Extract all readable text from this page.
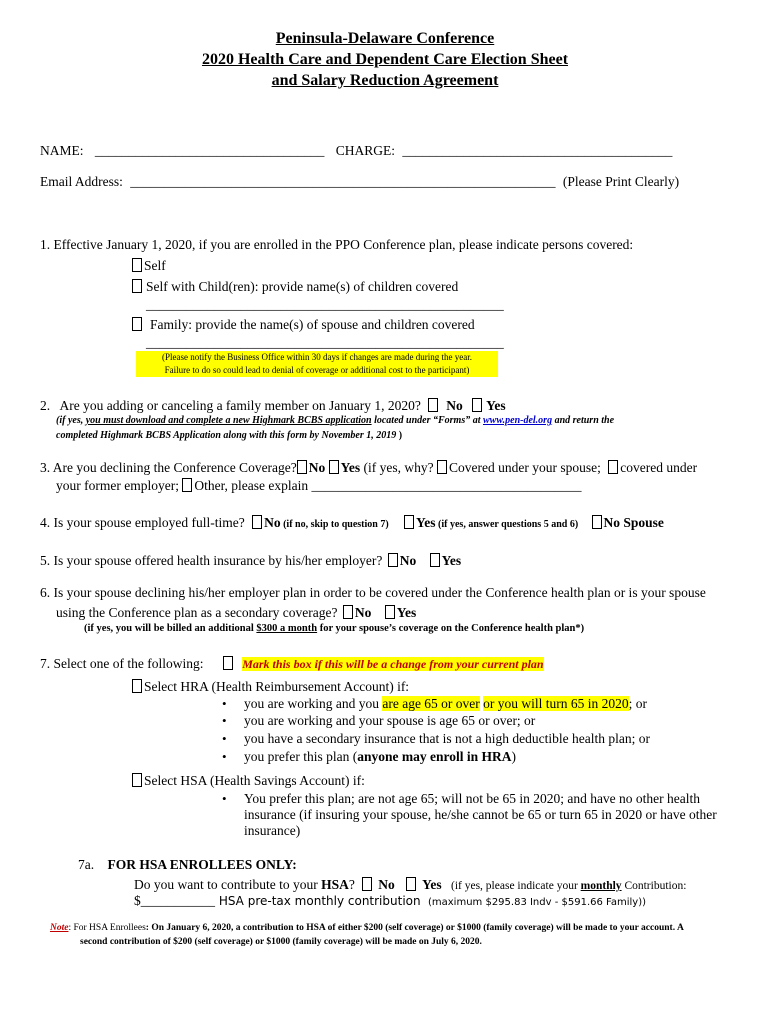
Peninsula-Delaware Conference
2020 Health Care and Dependent Care Election Sheet
and Salary Reduction Agreement
NAME: __________________________________ CHARGE: ________________________________________
Email Address: _______________________________________________________________ (Please Print Clearly)
1. Effective January 1, 2020, if you are enrolled in the PPO Conference plan, please indicate persons covered:
Self
Self with Child(ren): provide name(s) of children covered
_____________________________________________________
Family: provide the name(s) of spouse and children covered
_____________________________________________________
(Please notify the Business Office within 30 days if changes are made during the year.
Failure to do so could lead to denial of coverage or additional cost to the participant)
2. Are you adding or canceling a family member on January 1, 2020? No Yes
(if yes, you must download and complete a new Highmark BCBS application located under “Forms” at www.pen-del.org and return the
completed Highmark BCBS Application along with this form by November 1, 2019 )
3. Are you declining the Conference Coverage? No Yes (if yes, why? Covered under your spouse; covered under
your former employer; Other, please explain ________________________________________
4. Is your spouse employed full-time? No (if no, skip to question 7) Yes (if yes, answer questions 5 and 6) No Spouse
5. Is your spouse offered health insurance by his/her employer? No Yes
6. Is your spouse declining his/her employer plan in order to be covered under the Conference health plan or is your spouse
using the Conference plan as a secondary coverage? No Yes
(if yes, you will be billed an additional $300 a month for your spouse’s coverage on the Conference health plan*)
7. Select one of the following:	Mark this box if this will be a change from your current plan
Select HRA (Health Reimbursement Account) if:
• you are working and you are age 65 or over or you will turn 65 in 2020; or
• you are working and your spouse is age 65 or over; or
• you have a secondary insurance that is not a high deductible health plan; or
• you prefer this plan (anyone may enroll in HRA)
Select HSA (Health Savings Account) if:
• You prefer this plan; are not age 65; will not be 65 in 2020; and have no other health
insurance (if insuring your spouse, he/she cannot be 65 or turn 65 in 2020 or have other
insurance)
7a. FOR HSA ENROLLEES ONLY:
Do you want to contribute to your HSA? No Yes (if yes, please indicate your monthly Contribution:
$___________ HSA pre-tax monthly contribution (maximum $295.83 Indv - $591.66 Family))
Note: For HSA Enrollees: On January 6, 2020, a contribution to HSA of either $200 (self coverage) or $1000 (family coverage) will be made to your account. A
second contribution of $200 (self coverage) or $1000 (family coverage) will be made on July 6, 2020.
